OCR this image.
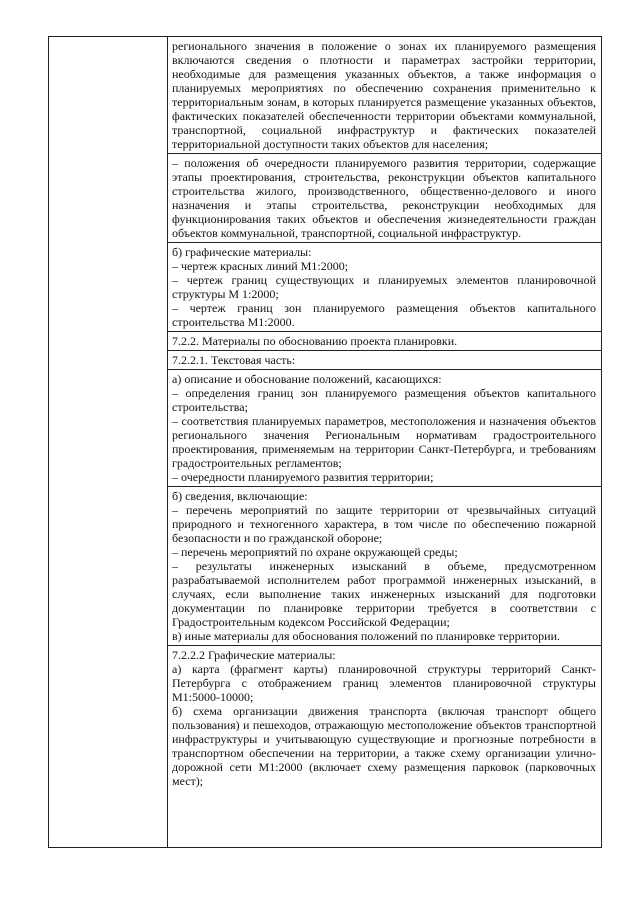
регионального значения в положение о зонах их планируемого размещения включаются сведения о плотности и параметрах застройки территории, необходимые для размещения указанных объектов, а также информация о планируемых мероприятиях по обеспечению сохранения применительно к территориальным зонам, в которых планируется размещение указанных объектов, фактических показателей обеспеченности территории объектами коммунальной, транспортной, социальной инфраструктур и фактических показателей территориальной доступности таких объектов для населения;

– положения об очередности планируемого развития территории, содержащие этапы проектирования, строительства, реконструкции объектов капитального строительства жилого, производственного, общественно-делового и иного назначения и этапы строительства, реконструкции необходимых для функционирования таких объектов и обеспечения жизнедеятельности граждан объектов коммунальной, транспортной, социальной инфраструктур.

б) графические материалы:

– чертеж красных линий М1:2000;

– чертеж границ существующих и планируемых элементов планировочной структуры М 1:2000;

– чертеж границ зон планируемого размещения объектов капитального строительства М1:2000.

7.2.2. Материалы по обоснованию проекта планировки.

7.2.2.1. Текстовая часть:

а) описание и обоснование положений, касающихся:

– определения границ зон планируемого размещения объектов капитального строительства;

– соответствия планируемых параметров, местоположения и назначения объектов регионального значения Региональным нормативам градостроительного проектирования, применяемым на территории Санкт-Петербурга, и требованиям градостроительных регламентов;

– очередности планируемого развития территории;

б) сведения, включающие:

– перечень мероприятий по защите территории от чрезвычайных ситуаций природного и техногенного характера, в том числе по обеспечению пожарной безопасности и по гражданской обороне;

– перечень мероприятий по охране окружающей среды;

– результаты инженерных изысканий в объеме, предусмотренном разрабатываемой исполнителем работ программой инженерных изысканий, в случаях, если выполнение таких инженерных изысканий для подготовки документации по планировке территории требуется в соответствии с Градостроительным кодексом Российской Федерации;

в) иные материалы для обоснования положений по планировке территории.

7.2.2.2 Графические материалы:

а) карта (фрагмент карты) планировочной структуры территорий Санкт-Петербурга с отображением границ элементов планировочной структуры М1:5000-10000;

б) схема организации движения транспорта (включая транспорт общего пользования) и пешеходов, отражающую местоположение объектов транспортной инфраструктуры и учитывающую существующие и прогнозные потребности в транспортном обеспечении на территории, а также схему организации улично-дорожной сети М1:2000 (включает схему размещения парковок (парковочных мест);
